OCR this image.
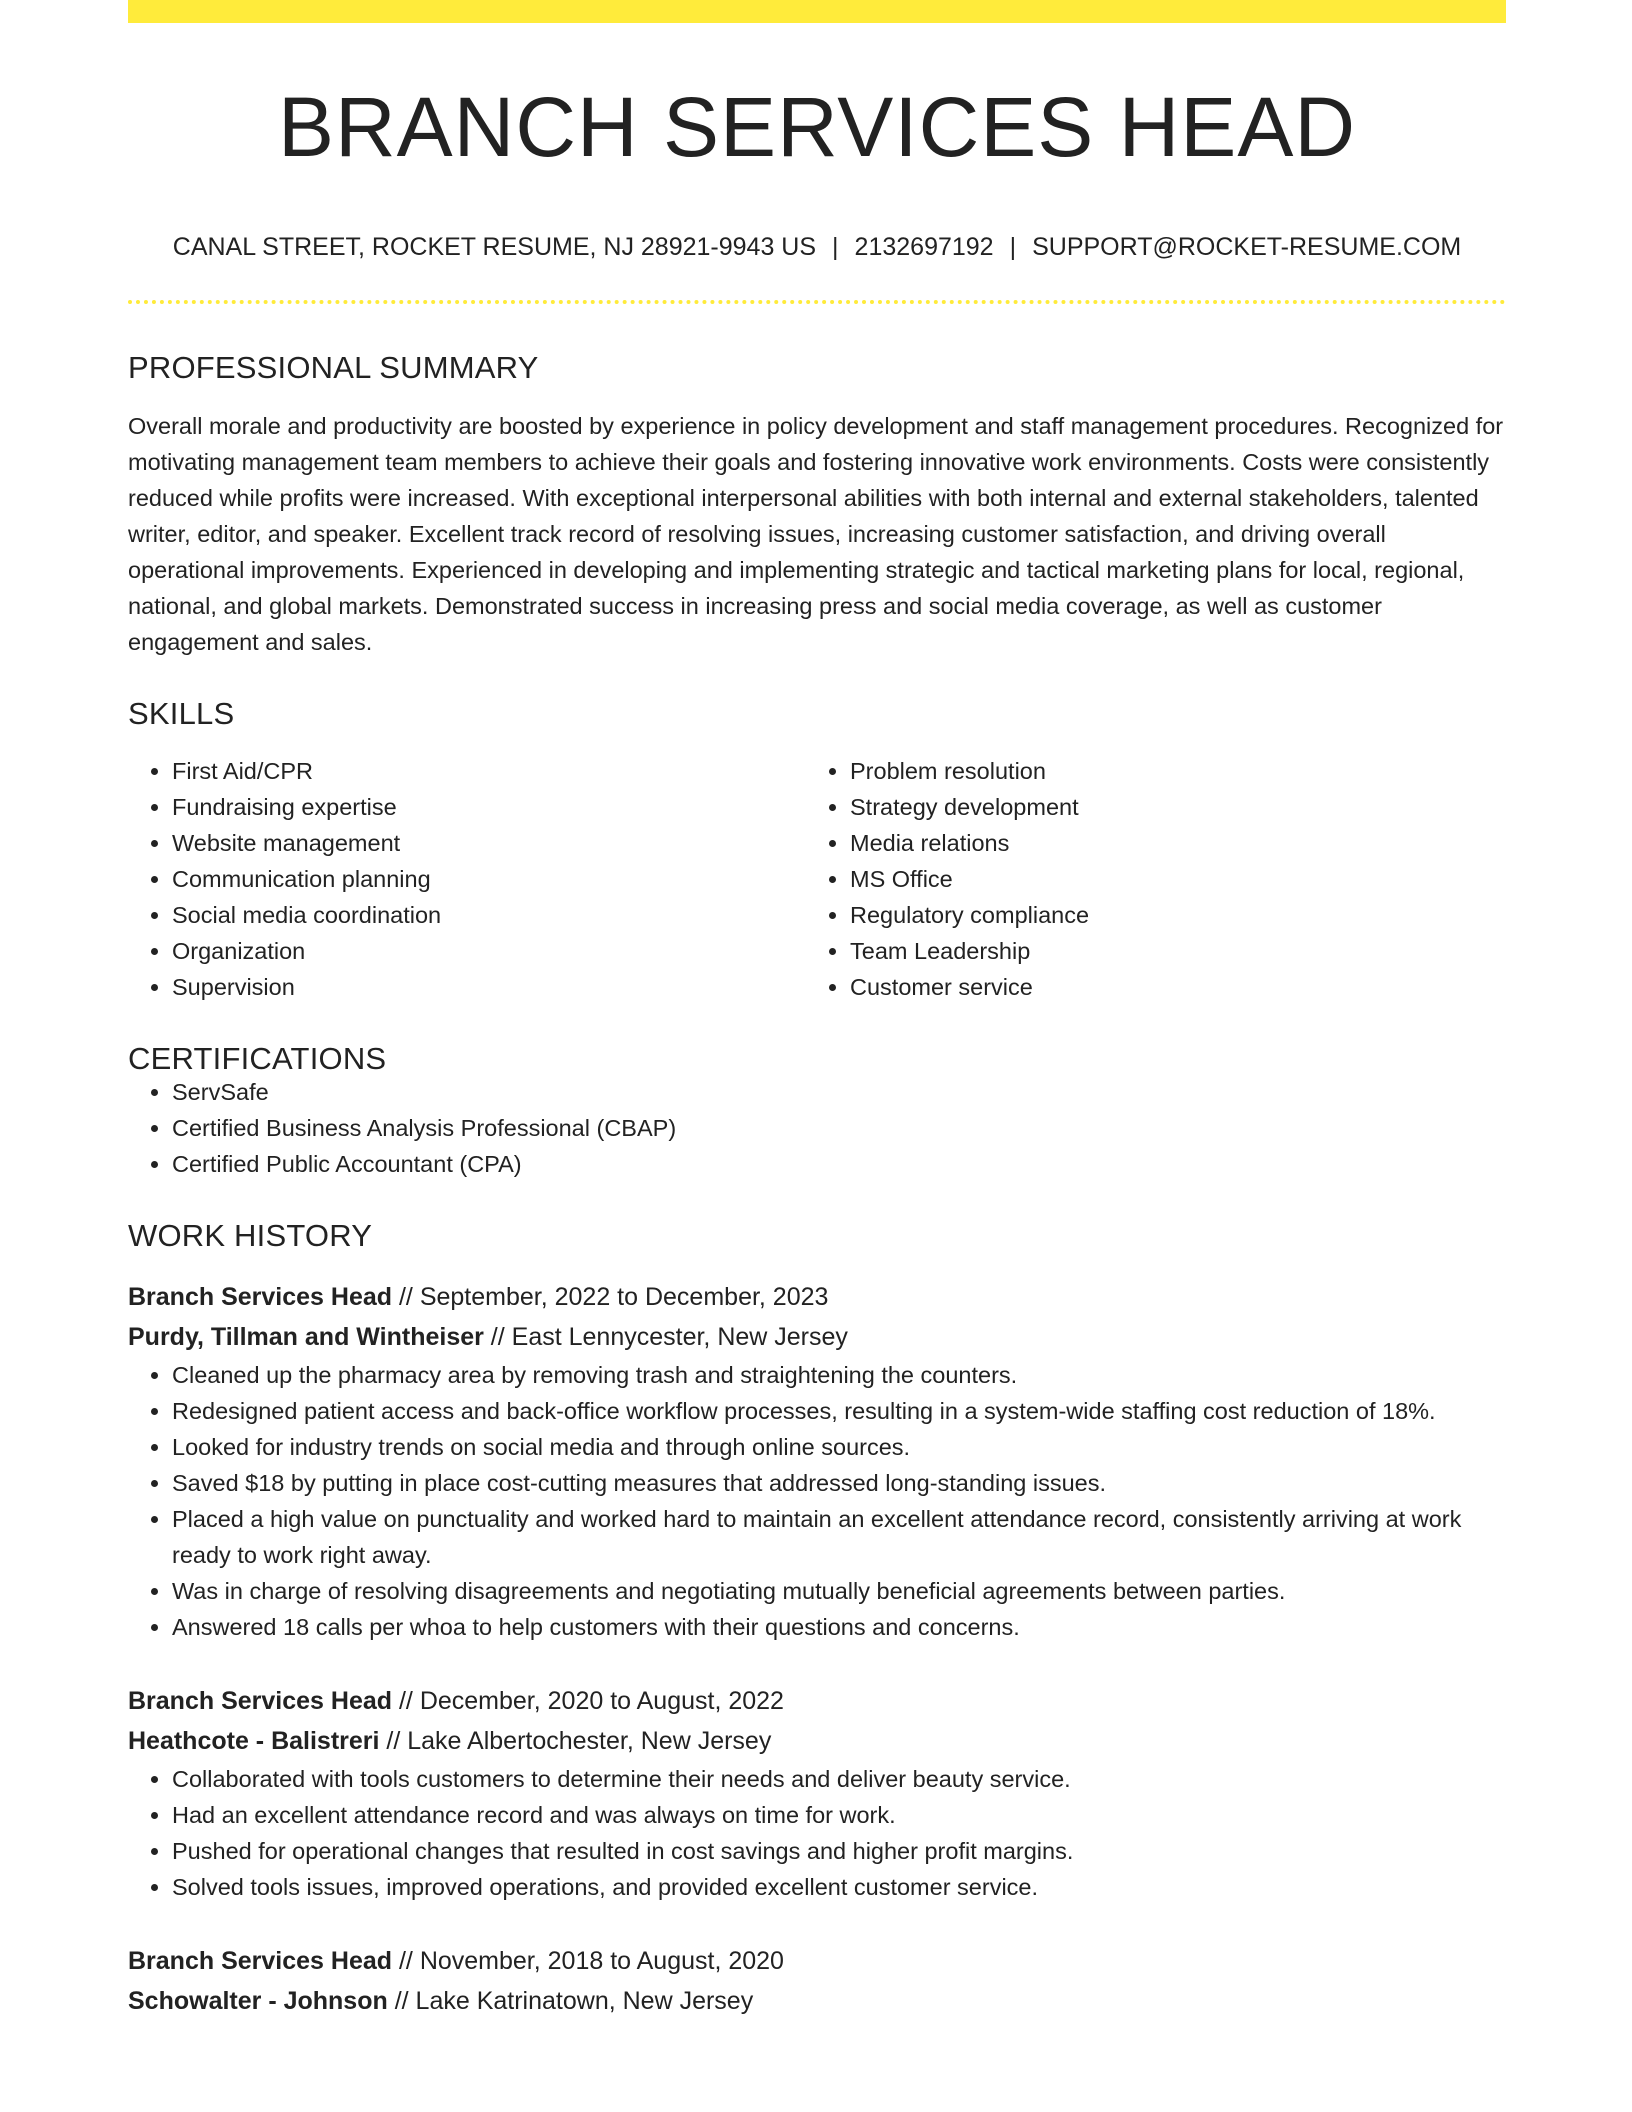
BRANCH SERVICES HEAD
CANAL STREET, ROCKET RESUME, NJ 28921-9943 US | 2132697192 | SUPPORT@ROCKET-RESUME.COM
PROFESSIONAL SUMMARY

Overall morale and productivity are boosted by experience in policy development and staff management procedures. Recognized for motivating management team members to achieve their goals and fostering innovative work environments. Costs were consistently reduced while profits were increased. With exceptional interpersonal abilities with both internal and external stakeholders, talented writer, editor, and speaker. Excellent track record of resolving issues, increasing customer satisfaction, and driving overall operational improvements. Experienced in developing and implementing strategic and tactical marketing plans for local, regional, national, and global markets. Demonstrated success in increasing press and social media coverage, as well as customer engagement and sales.

SKILLS
• First Aid/CPR
• Fundraising expertise
• Website management
• Communication planning
• Social media coordination
• Organization
• Supervision
• Problem resolution
• Strategy development
• Media relations
• MS Office
• Regulatory compliance
• Team Leadership
• Customer service
CERTIFICATIONS
• ServSafe
• Certified Business Analysis Professional (CBAP)
• Certified Public Accountant (CPA)
WORK HISTORY
Branch Services Head // September, 2022 to December, 2023
Purdy, Tillman and Wintheiser // East Lennycester, New Jersey
• Cleaned up the pharmacy area by removing trash and straightening the counters.
• Redesigned patient access and back-office workflow processes, resulting in a system-wide staffing cost reduction of 18%.
• Looked for industry trends on social media and through online sources.
• Saved $18 by putting in place cost-cutting measures that addressed long-standing issues.
• Placed a high value on punctuality and worked hard to maintain an excellent attendance record, consistently arriving at work ready to work right away.
• Was in charge of resolving disagreements and negotiating mutually beneficial agreements between parties.
• Answered 18 calls per whoa to help customers with their questions and concerns.
Branch Services Head // December, 2020 to August, 2022
Heathcote - Balistreri // Lake Albertochester, New Jersey
• Collaborated with tools customers to determine their needs and deliver beauty service.
• Had an excellent attendance record and was always on time for work.
• Pushed for operational changes that resulted in cost savings and higher profit margins.
• Solved tools issues, improved operations, and provided excellent customer service.
Branch Services Head // November, 2018 to August, 2020
Schowalter - Johnson // Lake Katrinatown, New Jersey
